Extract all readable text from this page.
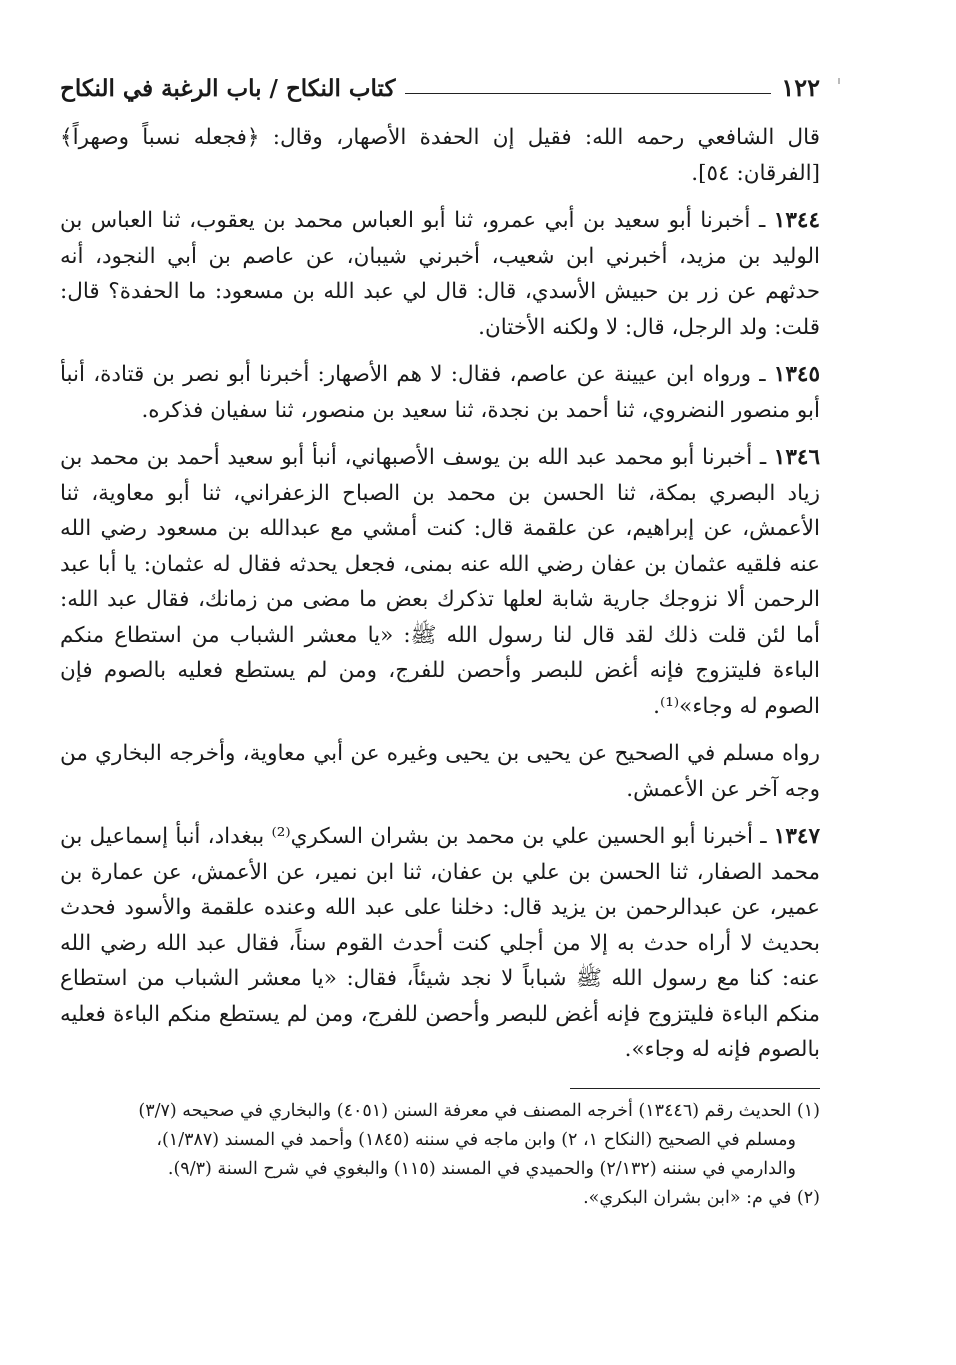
١٢٢
كتاب النكاح / باب الرغبة في النكاح

قال الشافعي رحمه الله: فقيل إن الحفدة الأصهار، وقال: ﴿فجعله نسباً وصهراً﴾ [الفرقان: ٥٤].

١٣٤٤ ـ أخبرنا أبو سعيد بن أبي عمرو، ثنا أبو العباس محمد بن يعقوب، ثنا العباس بن الوليد بن مزيد، أخبرني ابن شعيب، أخبرني شيبان، عن عاصم بن أبي النجود، أنه حدثهم عن زر بن حبيش الأسدي، قال: قال لي عبد الله بن مسعود: ما الحفدة؟ قال: قلت: ولد الرجل، قال: لا ولكنه الأختان.

١٣٤٥ ـ ورواه ابن عيينة عن عاصم، فقال: لا هم الأصهار: أخبرنا أبو نصر بن قتادة، أنبأ أبو منصور النضروي، ثنا أحمد بن نجدة، ثنا سعيد بن منصور، ثنا سفيان فذكره.

١٣٤٦ ـ أخبرنا أبو محمد عبد الله بن يوسف الأصبهاني، أنبأ أبو سعيد أحمد بن محمد بن زياد البصري بمكة، ثنا الحسن بن محمد بن الصباح الزعفراني، ثنا أبو معاوية، ثنا الأعمش، عن إبراهيم، عن علقمة قال: كنت أمشي مع عبدالله بن مسعود رضي الله عنه فلقيه عثمان بن عفان رضي الله عنه بمنى، فجعل يحدثه فقال له عثمان: يا أبا عبد الرحمن ألا نزوجك جارية شابة لعلها تذكرك بعض ما مضى من زمانك، فقال عبد الله: أما لئن قلت ذلك لقد قال لنا رسول الله ﷺ: «يا معشر الشباب من استطاع منكم الباءة فليتزوج فإنه أغض للبصر وأحصن للفرج، ومن لم يستطع فعليه بالصوم فإن الصوم له وجاء»⁽¹⁾.

رواه مسلم في الصحيح عن يحيى بن يحيى وغيره عن أبي معاوية، وأخرجه البخاري من وجه آخر عن الأعمش.

١٣٤٧ ـ أخبرنا أبو الحسين علي بن محمد بن بشران السكري⁽²⁾ ببغداد، أنبأ إسماعيل بن محمد الصفار، ثنا الحسن بن علي بن عفان، ثنا ابن نمير، عن الأعمش، عن عمارة بن عمير، عن عبدالرحمن بن يزيد قال: دخلنا على عبد الله وعنده علقمة والأسود فحدث بحديث لا أراه حدث به إلا من أجلي كنت أحدث القوم سناً، فقال عبد الله رضي الله عنه: كنا مع رسول الله ﷺ شباباً لا نجد شيئاً، فقال: «يا معشر الشباب من استطاع منكم الباءة فليتزوج فإنه أغض للبصر وأحصن للفرج، ومن لم يستطع منكم الباءة فعليه بالصوم فإنه له وجاء».

(١) الحديث رقم (١٣٤٤٦) أخرجه المصنف في معرفة السنن (٤٠٥١) والبخاري في صحيحه (٣/٧)

ومسلم في الصحيح (النكاح ١، ٢) وابن ماجه في سننه (١٨٤٥) وأحمد في المسند (١/٣٨٧)،

والدارمي في سننه (٢/١٣٢) والحميدي في المسند (١١٥) والبغوي في شرح السنة (٩/٣).

(٢) في م: «ابن بشران البكري».
